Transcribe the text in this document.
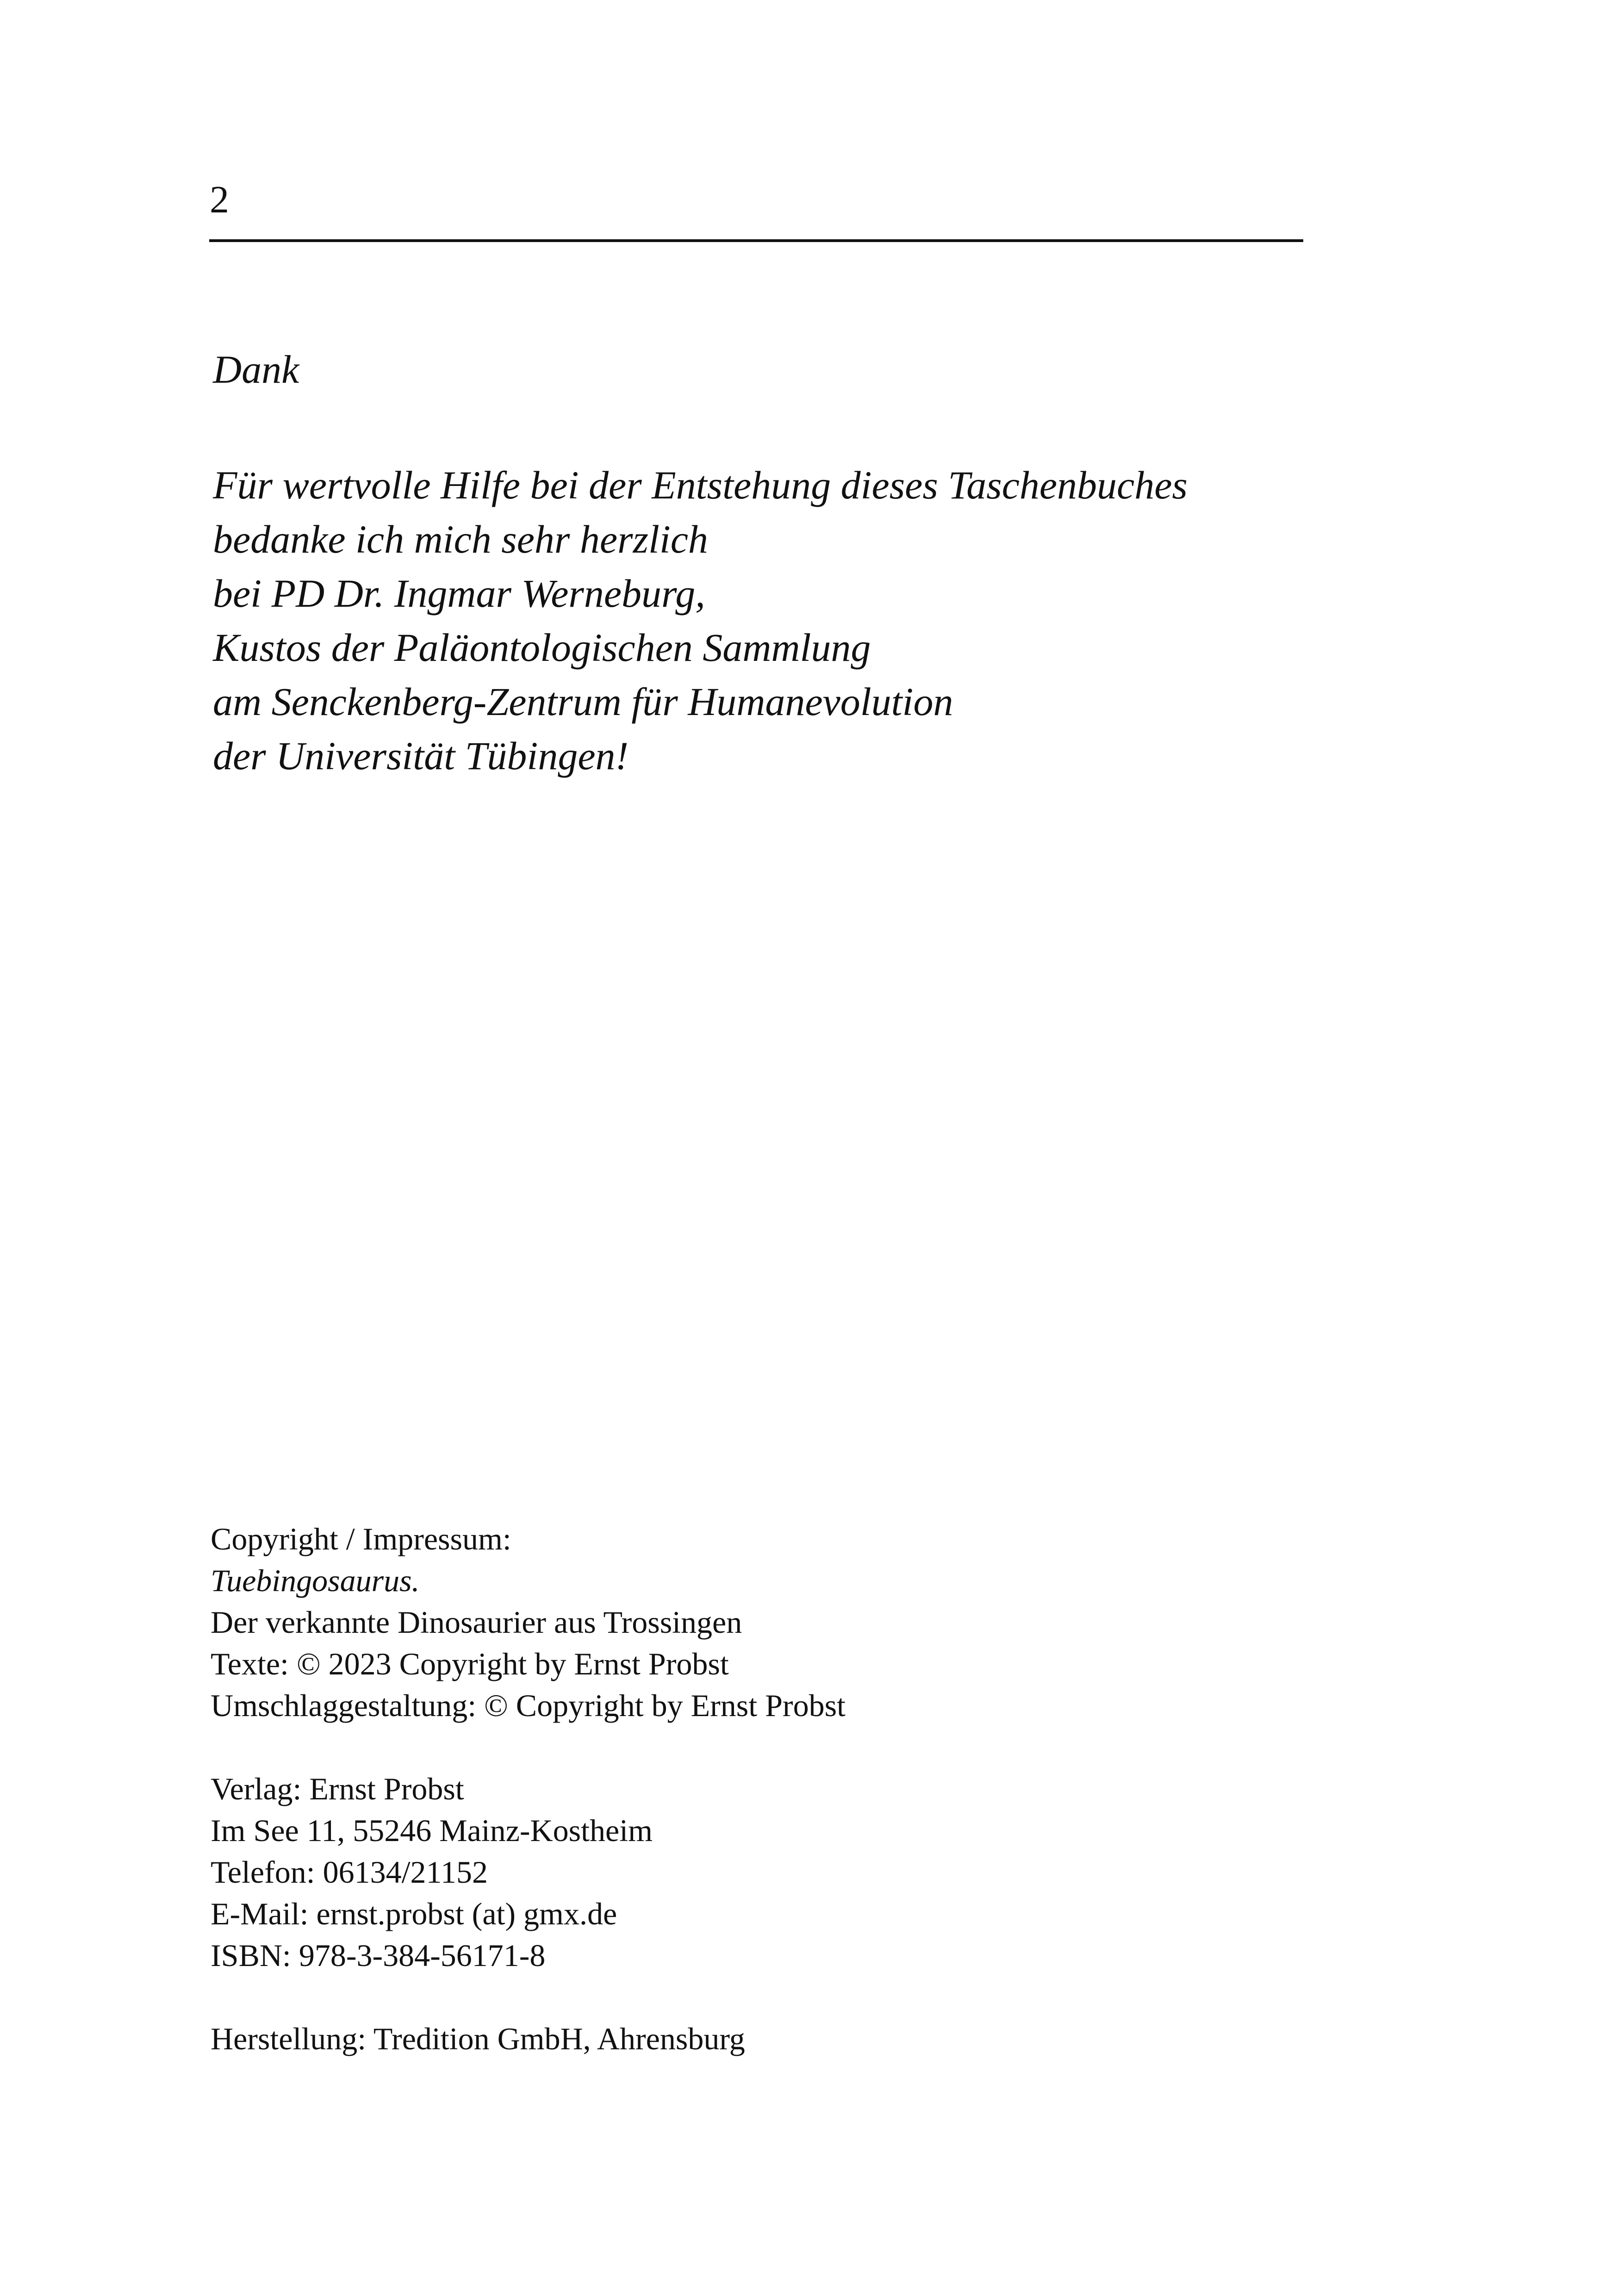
2
Dank
Für wertvolle Hilfe bei der Entstehung dieses Taschenbuches
bedanke ich mich sehr herzlich
bei PD Dr. Ingmar Werneburg,
Kustos der Paläontologischen Sammlung
am Senckenberg-Zentrum für Humanevolution
der Universität Tübingen!
Copyright / Impressum:
Tuebingosaurus.
Der verkannte Dinosaurier aus Trossingen
Texte: © 2023 Copyright by Ernst Probst
Umschlaggestaltung: © Copyright by Ernst Probst
Verlag: Ernst Probst
Im See 11, 55246 Mainz-Kostheim
Telefon: 06134/21152
E-Mail: ernst.probst (at) gmx.de
ISBN: 978-3-384-56171-8
Herstellung: Tredition GmbH, Ahrensburg
